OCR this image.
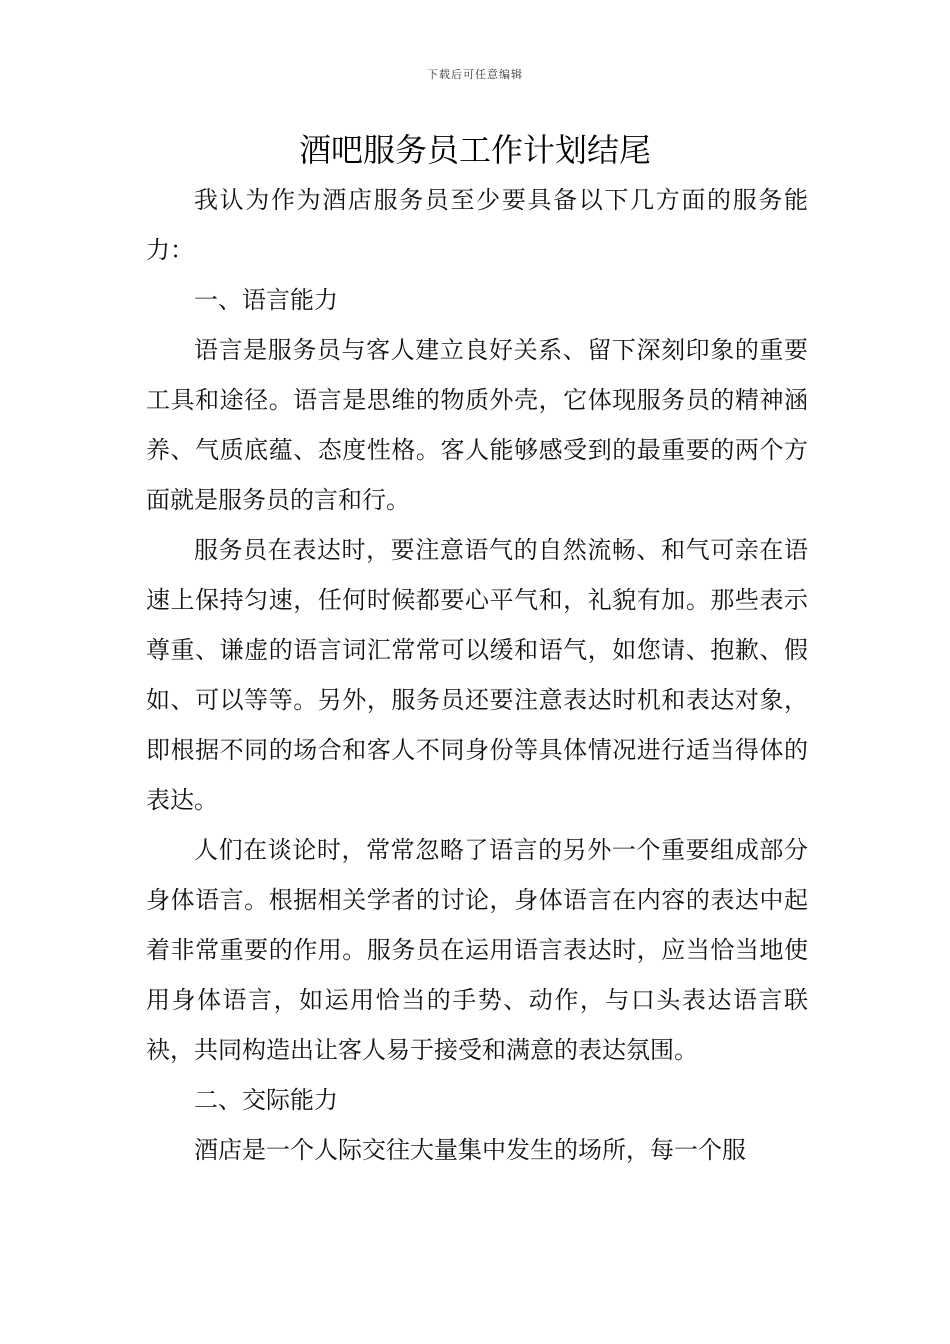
下载后可任意编辑
酒吧服务员工作计划结尾

我认为作为酒店服务员至少要具备以下几方面的服务能力：

一、语言能力

语言是服务员与客人建立良好关系、留下深刻印象的重要工具和途径。语言是思维的物质外壳，它体现服务员的精神涵养、气质底蕴、态度性格。客人能够感受到的最重要的两个方面就是服务员的言和行。

服务员在表达时，要注意语气的自然流畅、和气可亲在语速上保持匀速，任何时候都要心平气和，礼貌有加。那些表示尊重、谦虚的语言词汇常常可以缓和语气，如您请、抱歉、假如、可以等等。另外，服务员还要注意表达时机和表达对象，即根据不同的场合和客人不同身份等具体情况进行适当得体的表达。

人们在谈论时，常常忽略了语言的另外一个重要组成部分身体语言。根据相关学者的讨论，身体语言在内容的表达中起着非常重要的作用。服务员在运用语言表达时，应当恰当地使用身体语言，如运用恰当的手势、动作，与口头表达语言联袂，共同构造出让客人易于接受和满意的表达氛围。

二、交际能力

酒店是一个人际交往大量集中发生的场所，每一个服
